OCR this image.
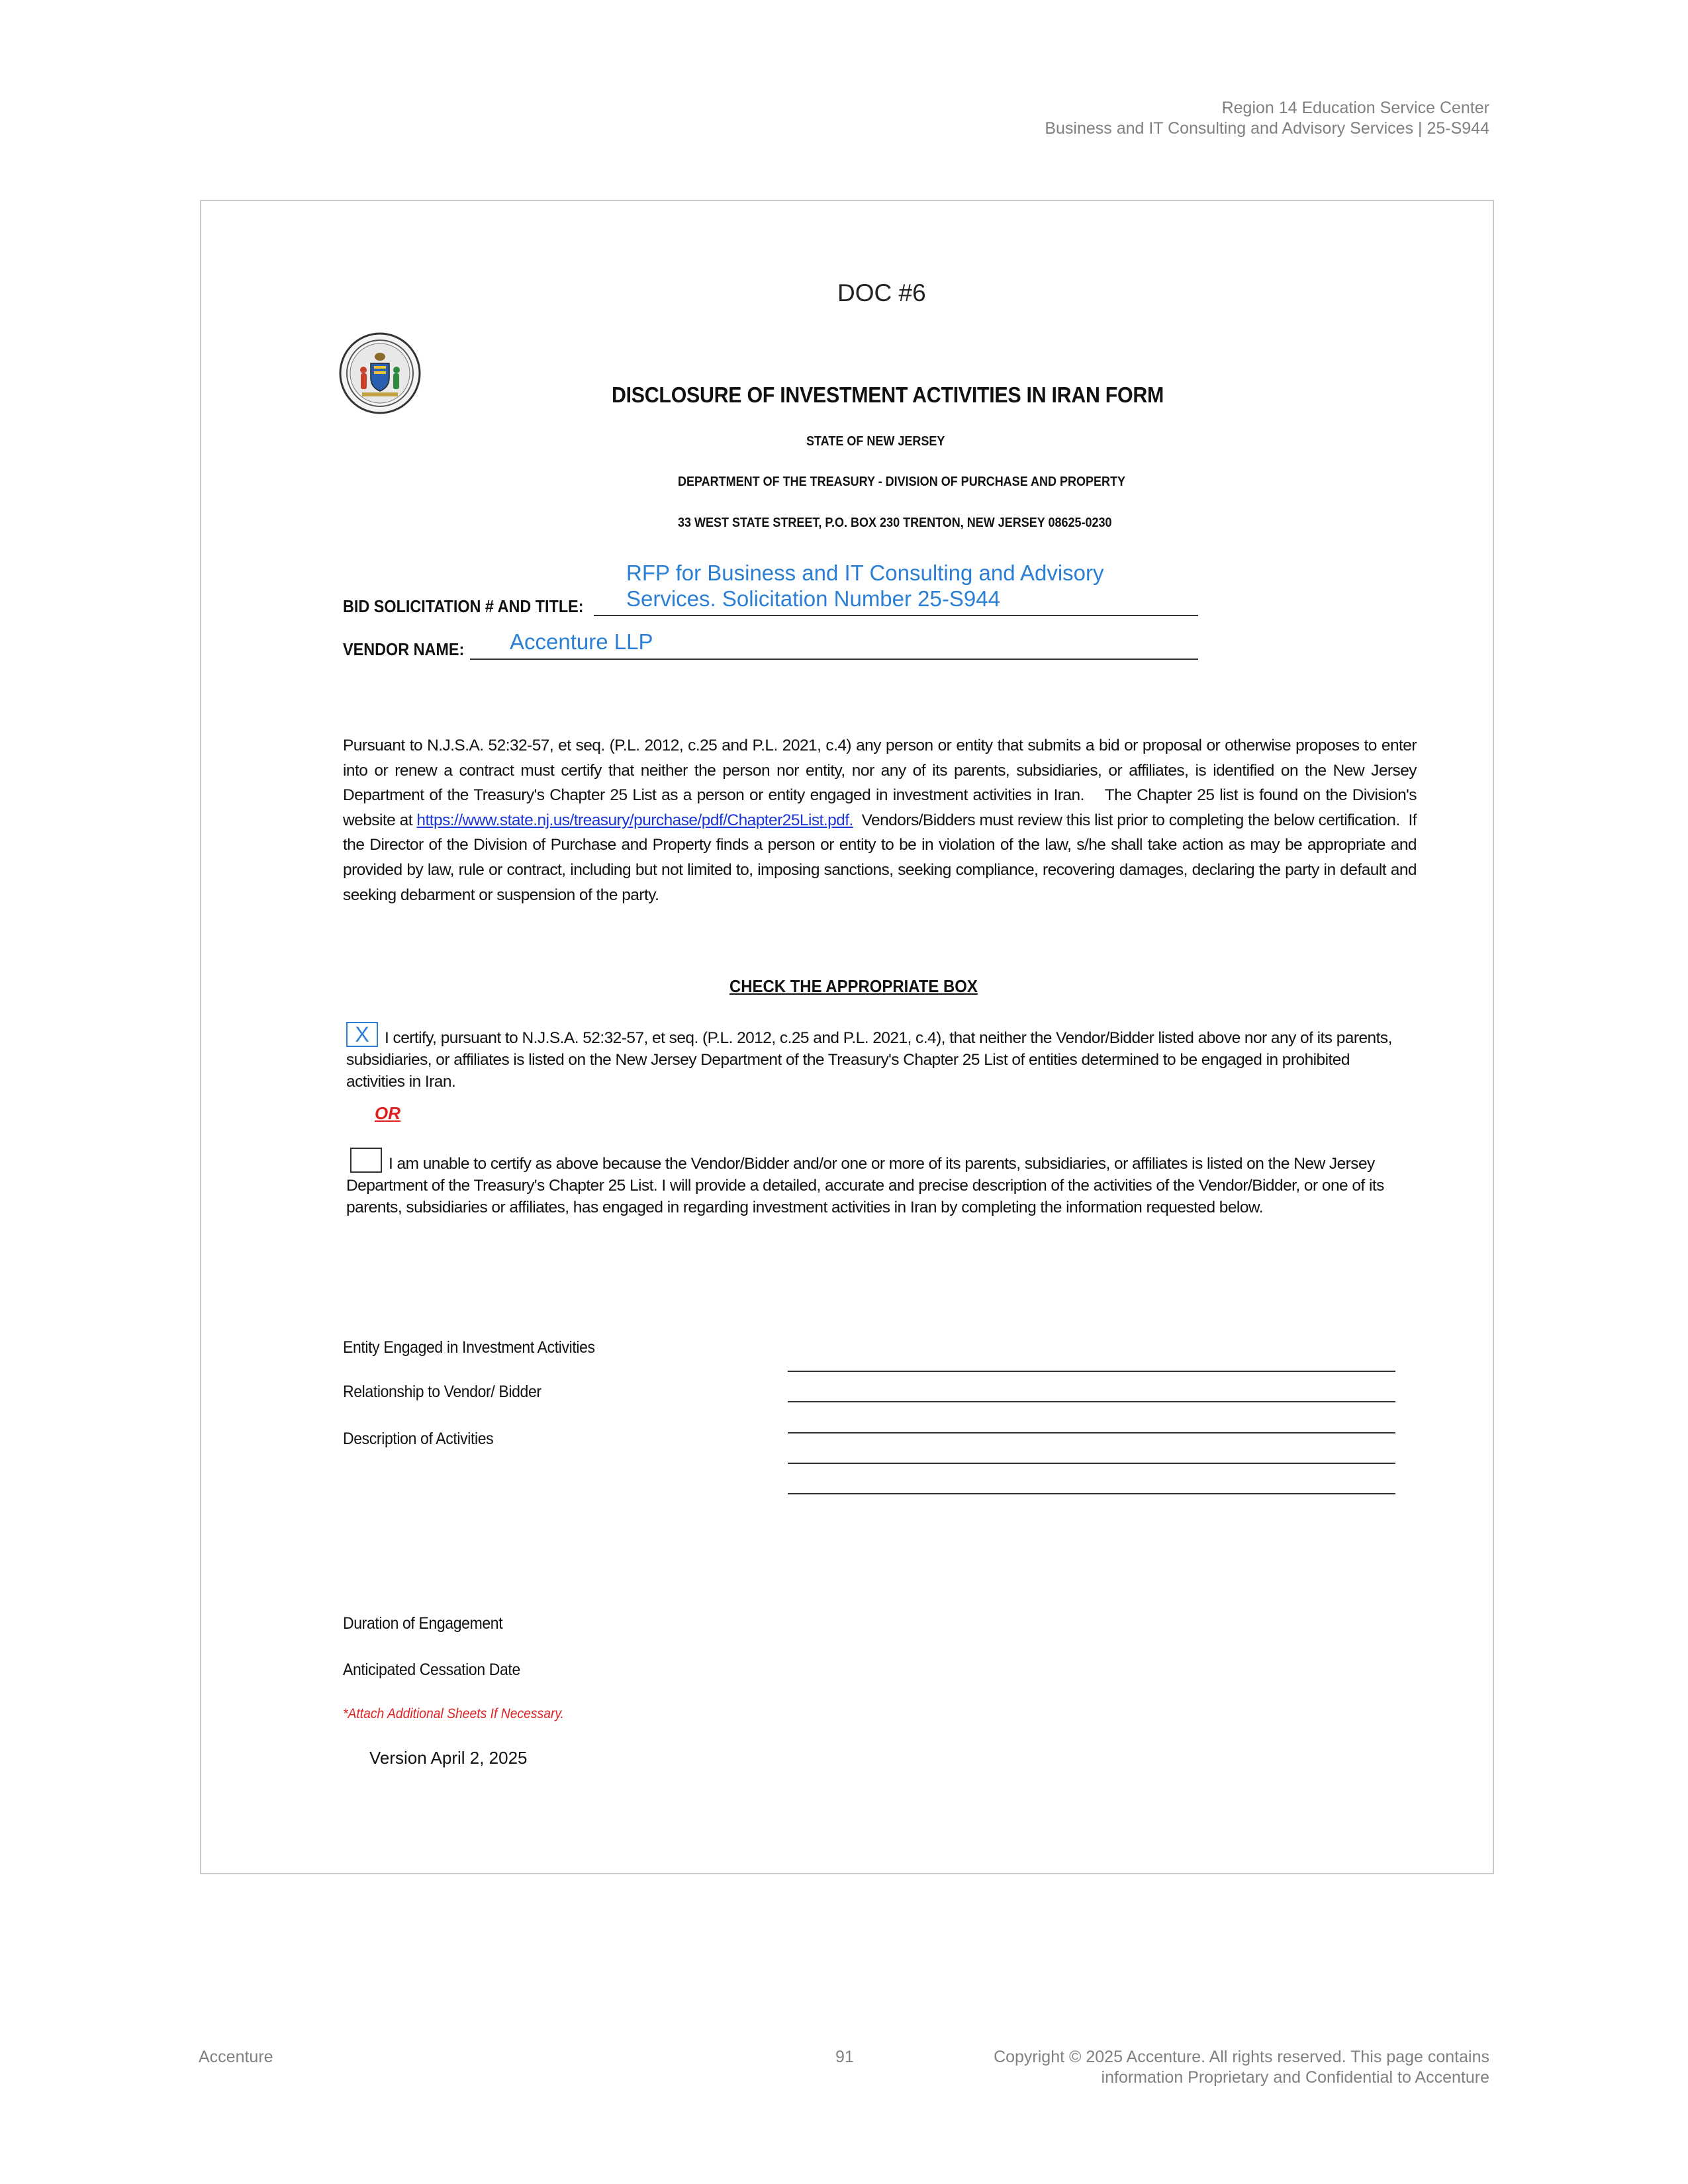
Region 14 Education Service Center
Business and IT Consulting and Advisory Services | 25-S944
DOC #6
DISCLOSURE OF INVESTMENT ACTIVITIES IN IRAN FORM
STATE OF NEW JERSEY
DEPARTMENT OF THE TREASURY - DIVISION OF PURCHASE AND PROPERTY
33 WEST STATE STREET, P.O. BOX 230 TRENTON, NEW JERSEY 08625-0230
BID SOLICITATION # AND TITLE:
RFP for Business and IT Consulting and Advisory
Services. Solicitation Number 25-S944
VENDOR NAME: Accenture LLP
Pursuant to N.J.S.A. 52:32-57, et seq. (P.L. 2012, c.25 and P.L. 2021, c.4) any person or entity that submits a bid or proposal or otherwise proposes to enter into or renew a contract must certify that neither the person nor entity, nor any of its parents, subsidiaries, or affiliates, is identified on the New Jersey Department of the Treasury's Chapter 25 List as a person or entity engaged in investment activities in Iran.    The Chapter 25 list is found on the Division's website at https://www.state.nj.us/treasury/purchase/pdf/Chapter25List.pdf.  Vendors/Bidders must review this list prior to completing the below certification.  If the Director of the Division of Purchase and Property finds a person or entity to be in violation of the law, s/he shall take action as may be appropriate and provided by law, rule or contract, including but not limited to, imposing sanctions, seeking compliance, recovering damages, declaring the party in default and seeking debarment or suspension of the party.
CHECK THE APPROPRIATE BOX
X I certify, pursuant to N.J.S.A. 52:32-57, et seq. (P.L. 2012, c.25 and P.L. 2021, c.4), that neither the Vendor/Bidder listed above nor any of its parents, subsidiaries, or affiliates is listed on the New Jersey Department of the Treasury's Chapter 25 List of entities determined to be engaged in prohibited activities in Iran.
OR
I am unable to certify as above because the Vendor/Bidder and/or one or more of its parents, subsidiaries, or affiliates is listed on the New Jersey Department of the Treasury's Chapter 25 List. I will provide a detailed, accurate and precise description of the activities of the Vendor/Bidder, or one of its parents, subsidiaries or affiliates, has engaged in regarding investment activities in Iran by completing the information requested below.
Entity Engaged in Investment Activities
Relationship to Vendor/ Bidder
Description of Activities
Duration of Engagement
Anticipated Cessation Date
*Attach Additional Sheets If Necessary.
Version April 2, 2025
Accenture	91	Copyright © 2025 Accenture. All rights reserved. This page contains
information Proprietary and Confidential to Accenture
